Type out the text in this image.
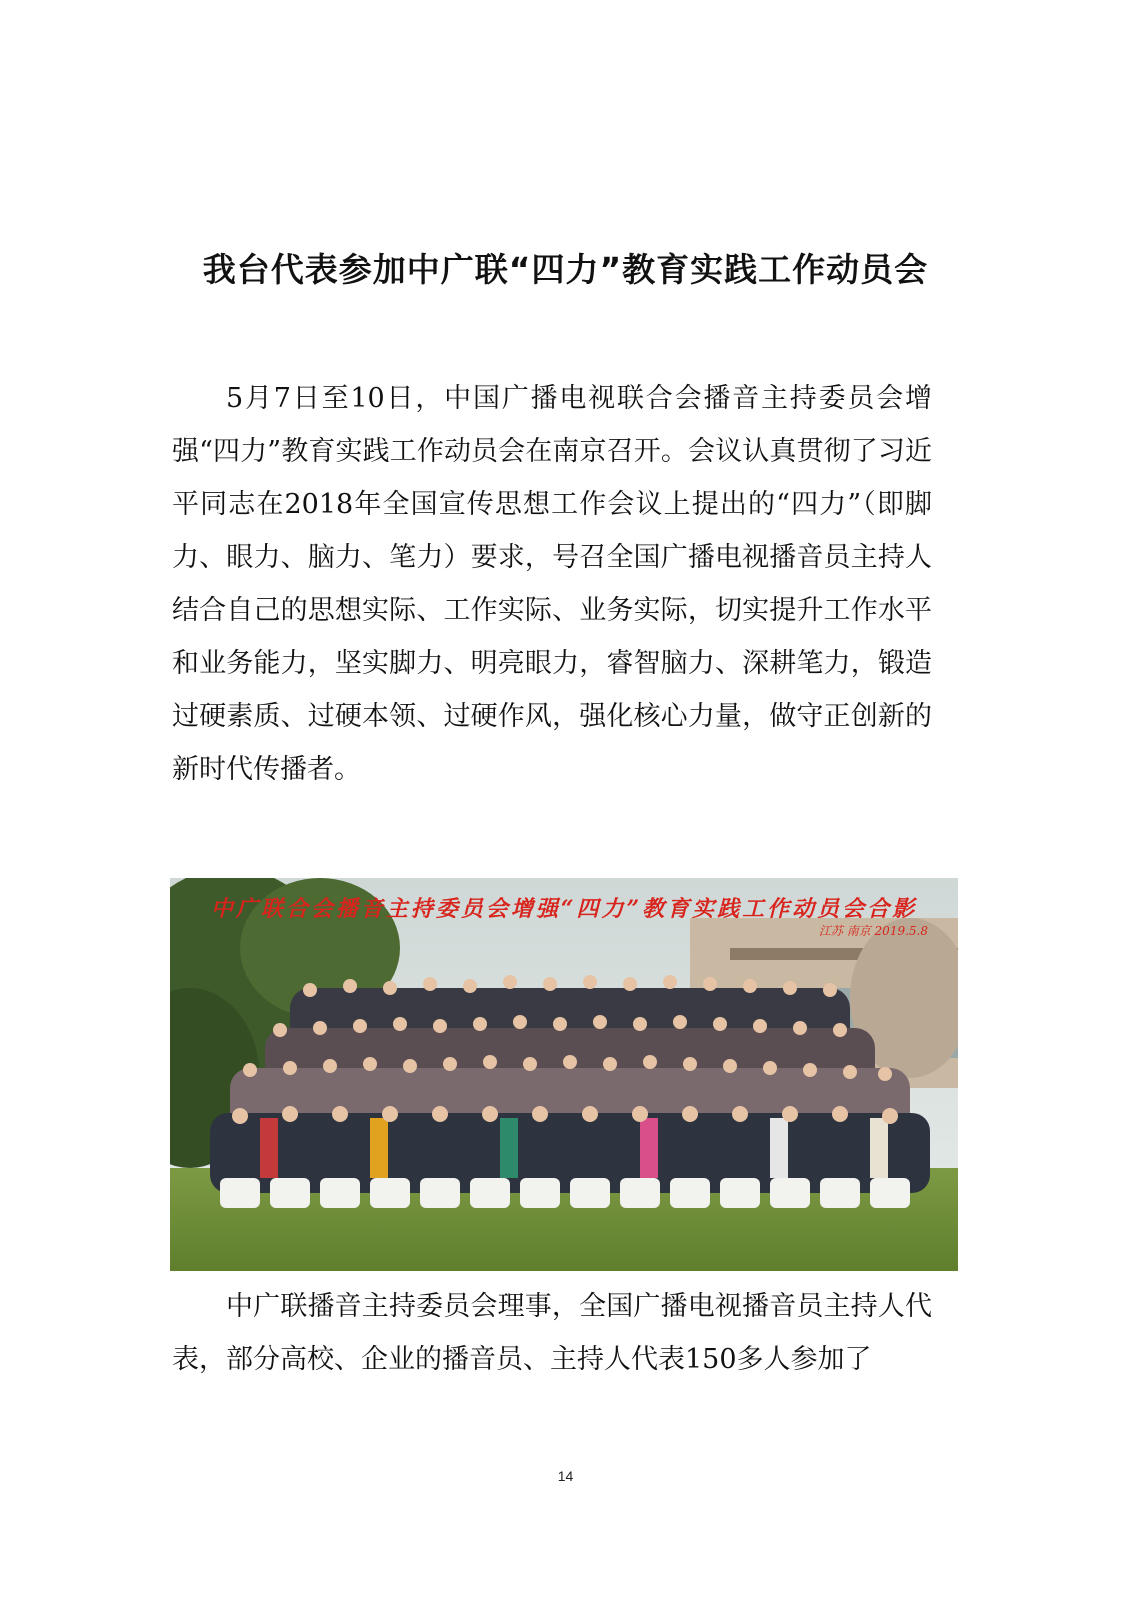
我台代表参加中广联“四力”教育实践工作动员会

5月7日至10日，中国广播电视联合会播音主持委员会增强“四力”教育实践工作动员会在南京召开。会议认真贯彻了习近平同志在2018年全国宣传思想工作会议上提出的“四力”（即脚力、眼力、脑力、笔力）要求，号召全国广播电视播音员主持人结合自己的思想实际、工作实际、业务实际，切实提升工作水平和业务能力，坚实脚力、明亮眼力，睿智脑力、深耕笔力，锻造过硬素质、过硬本领、过硬作风，强化核心力量，做守正创新的新时代传播者。

中广联合会播音主持委员会增强“四力”教育实践工作动员会合影
江苏 南京 2019.5.8

中广联播音主持委员会理事，全国广播电视播音员主持人代表，部分高校、企业的播音员、主持人代表150多人参加了

14
